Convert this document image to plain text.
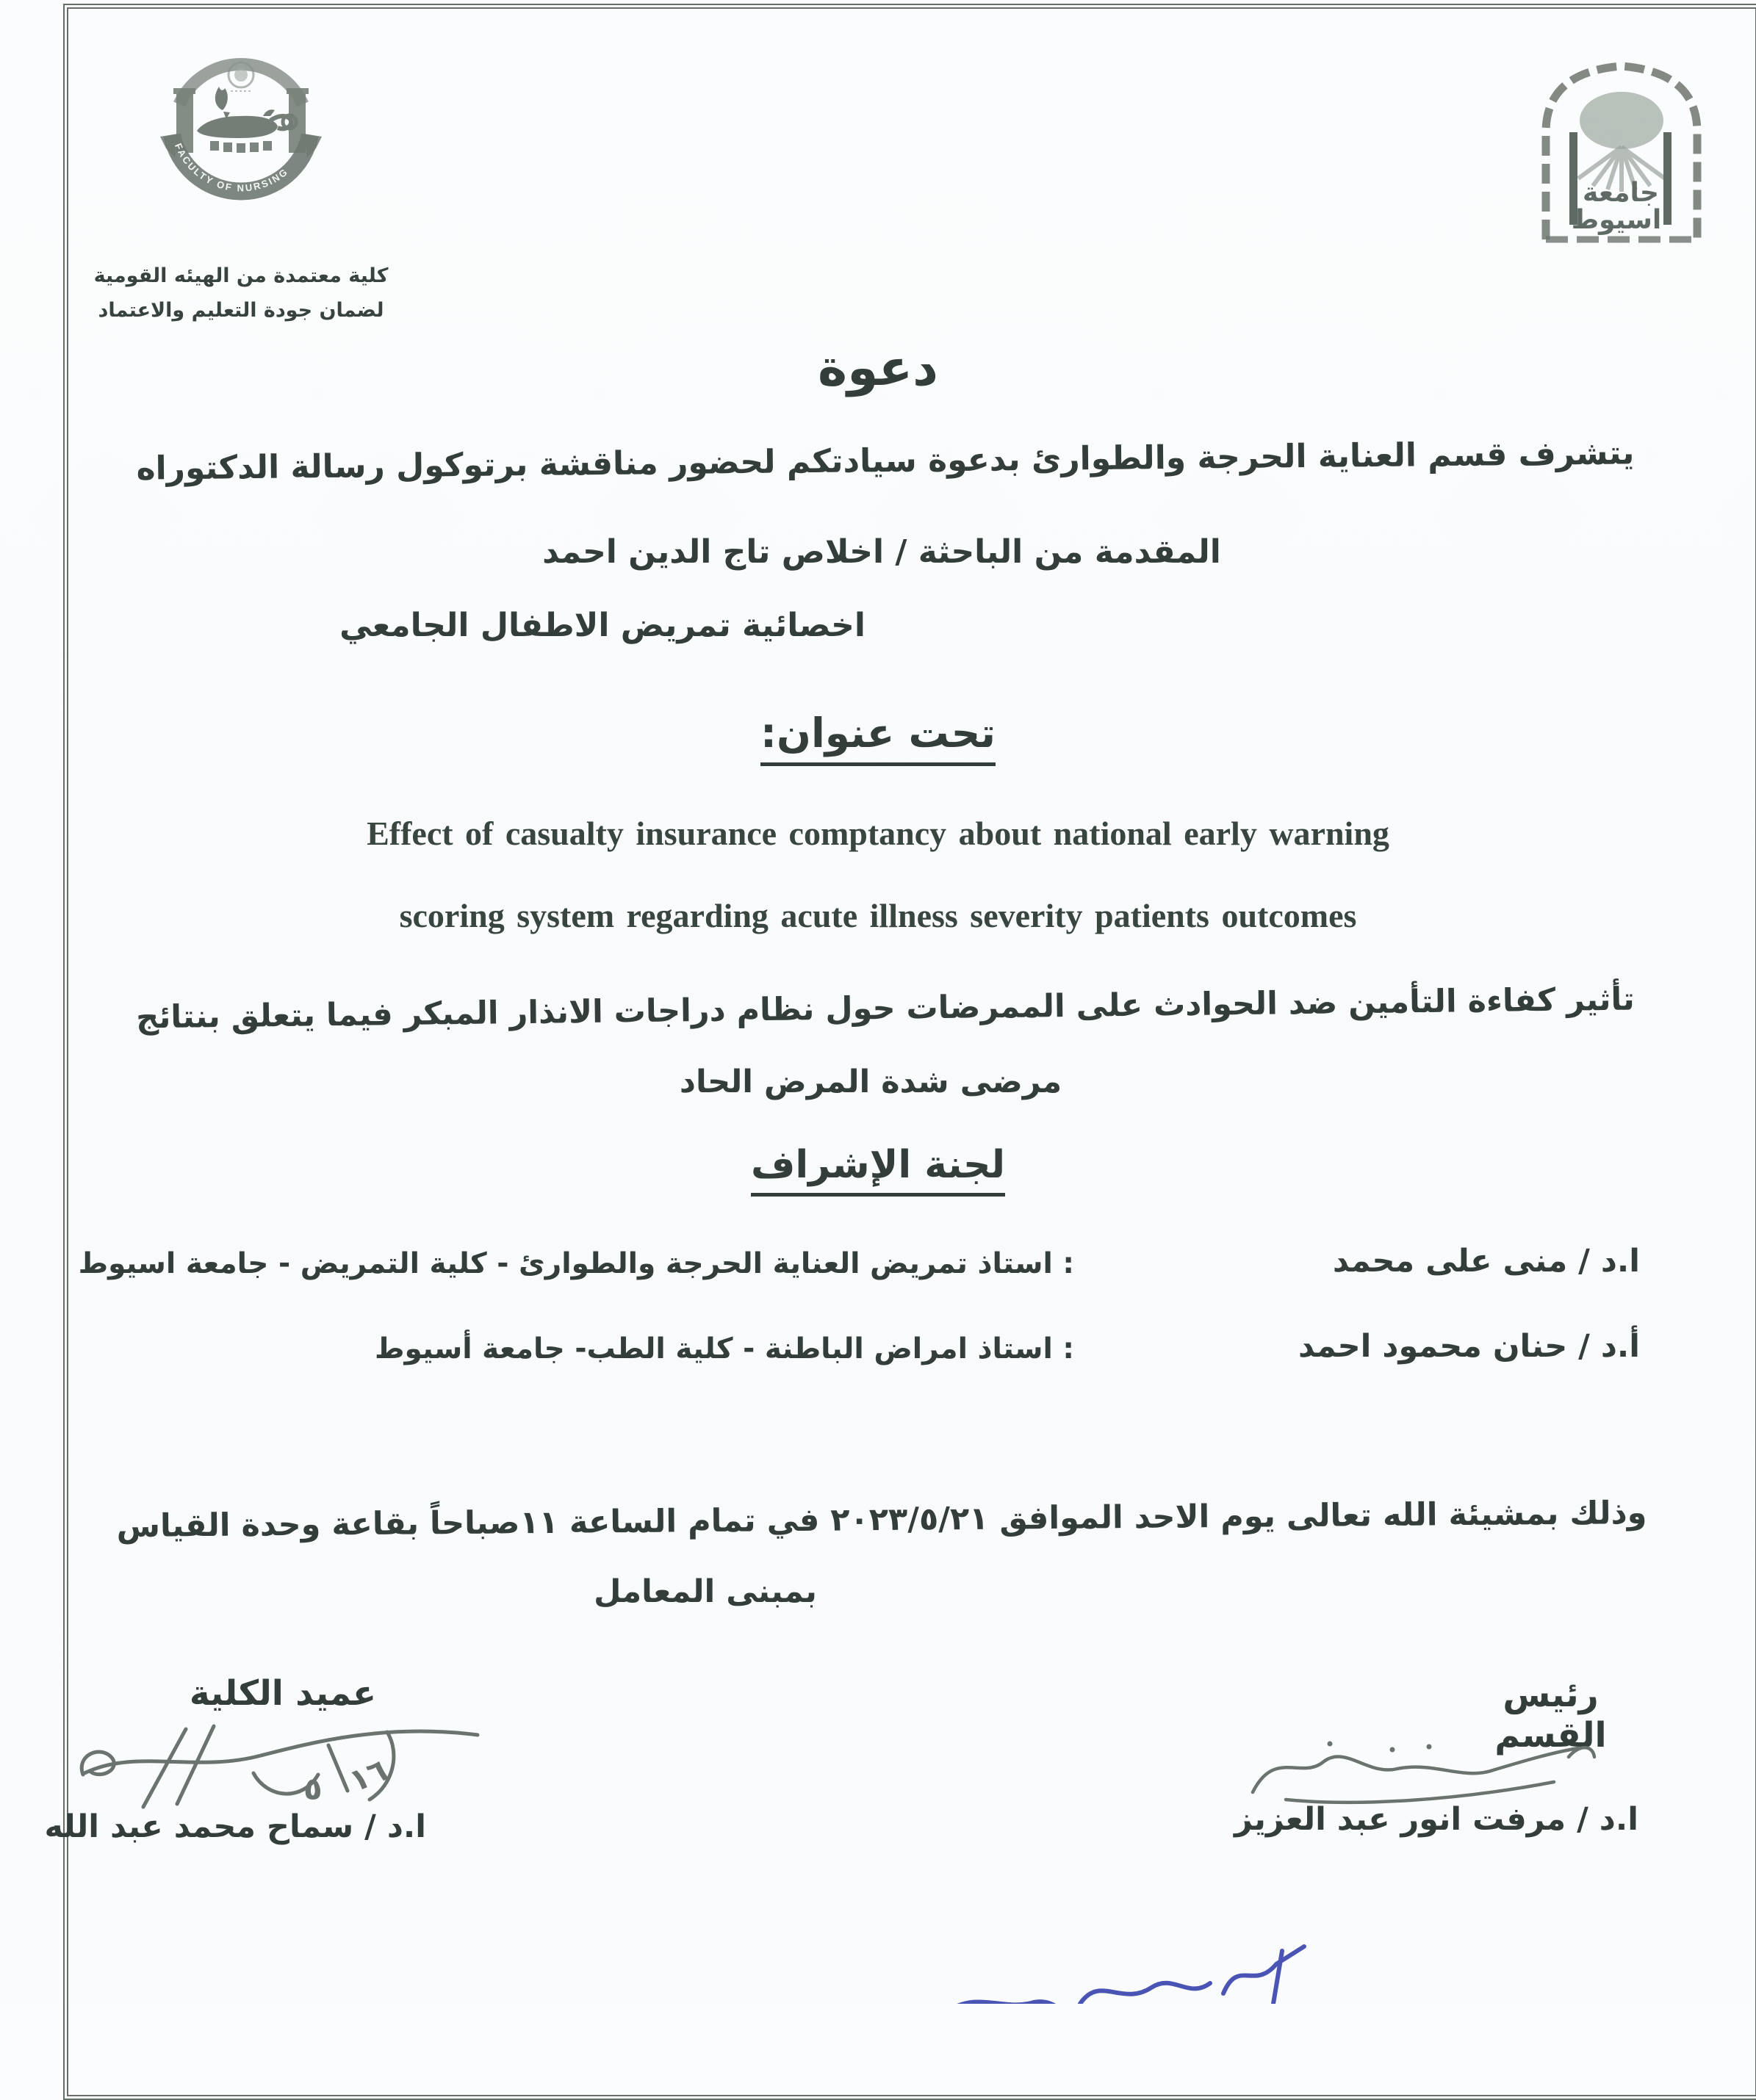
FACULTY OF NURSING
كلية معتمدة من الهيئه القومية
لضمان جودة التعليم والاعتماد
جامعة
اسيوط
دعوة
يتشرف قسم العناية الحرجة والطوارئ بدعوة سيادتكم لحضور مناقشة برتوكول رسالة الدكتوراه
المقدمة من الباحثة / اخلاص تاج الدين احمد
اخصائية تمريض الاطفال الجامعي
تحت عنوان:
Effect of casualty insurance comptancy about national early warning
scoring system regarding acute illness severity patients outcomes
تأثير كفاءة التأمين ضد الحوادث على الممرضات حول نظام دراجات الانذار المبكر فيما يتعلق بنتائج
مرضى شدة المرض الحاد
لجنة الإشراف
ا.د / منى على محمد
: استاذ تمريض العناية الحرجة والطوارئ - كلية التمريض - جامعة اسيوط
أ.د / حنان محمود احمد
: استاذ امراض الباطنة - كلية الطب- جامعة أسيوط
وذلك بمشيئة الله تعالى يوم الاحد الموافق ٢٠٢٣/٥/٢١ في تمام الساعة ١١صباحاً بقاعة وحدة القياس
بمبنى المعامل
عميد الكلية
١٦
٥
ا.د / سماح محمد عبد الله
رئيس القسم
ا.د / مرفت انور عبد العزيز
